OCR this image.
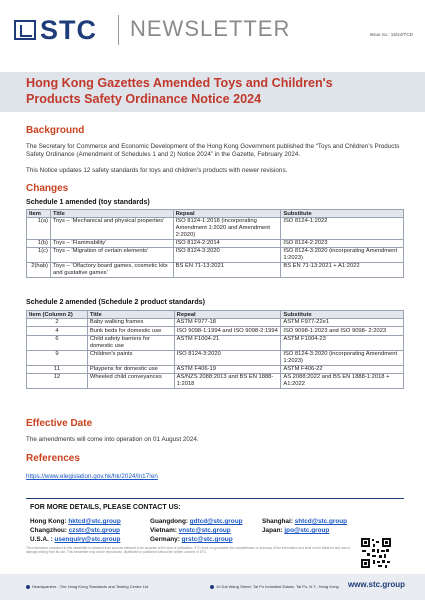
STC NEWSLETTER	Issue no.: 16/24/TCD
Hong Kong Gazettes Amended Toys and Children's
Products Safety Ordinance Notice 2024
Background
The Secretary for Commerce and Economic Development of the Hong Kong Government published the “Toys and Children’s Products Safety Ordinance (Amendment of Schedules 1 and 2) Notice 2024” in the Gazette, February 2024.
This Notice updates 12 safety standards for toys and children’s products with newer revisions.
Changes
Schedule 1 amended (toy standards)
Item	Title	Repeal	Substitute
1(a)	Toys – ‘Mechanical and physical properties’	ISO 8124-1:2018 (incorporating Amendment 1:2020 and Amendment 2:2020)	ISO 8124-1:2022
1(b)	Toys – ‘Flammability’	ISO 8124-2:2014	ISO 8124-2:2023
1(c)	Toys – ‘Migration of certain elements’	ISO 8124-3:2020	ISO 8124-3:2020 (incorporating Amendment 1:2023)
2(hab)	Toys – ‘Olfactory board games, cosmetic kits and gustative games’	BS EN 71-13:2021	BS EN 71-13:2021 + A1:2022
Schedule 2 amended (Schedule 2 product standards)
Item (Column 2)	Title	Repeal	Substitute
2	Baby walking frames	ASTM F977-18	ASTM F977-22e1
4	Bunk beds for domestic use	ISO 9098-1:1994 and ISO 9098-2:1994	ISO 9098-1:2023 and ISO 9098- 2:2023
6	Child safety barriers for domestic use	ASTM F1004-21	ASTM F1004-23
9	Children's paints	ISO 8124-3:2020	ISO 8124-3:2020 (incorporating Amendment 1:2023)
11	Playpens for domestic use	ASTM F406-19	ASTM F406-22
12	Wheeled child conveyances	AS/NZS 2088:2013 and BS EN 1888-1:2018	AS 2088:2022 and BS EN 1888-1:2018 + A1:2022
Effective Date
The amendments will come into operation on 01 August 2024.
References
https://www.elegislation.gov.hk/hk/2024/ln17!en
FOR MORE DETAILS, PLEASE CONTACT US:
Hong Kong: hktcd@stc.group	Guangdong: gdtcd@stc.group	Shanghai: shtcd@stc.group
Changzhou: czstc@stc.group	Vietnam: vnstc@stc.group	Japan: jpo@stc.group
U.S.A. : usenquiry@stc.group	Germany: grstc@stc.group
The information contained in this newsletter is obtained from sources believed to be accurate at the time of publication. STC does not guarantee the completeness or accuracy of the information and shall not be liable for any loss or damage arising from its use. This newsletter may not be reproduced, distributed or published without the written consent of STC.
Headquarters - The Hong Kong Standards and Testing Centre Ltd	10 Dai Wang Street, Tai Po Industrial Estate, Tai Po, N.T., Hong Kong www.stc.group
